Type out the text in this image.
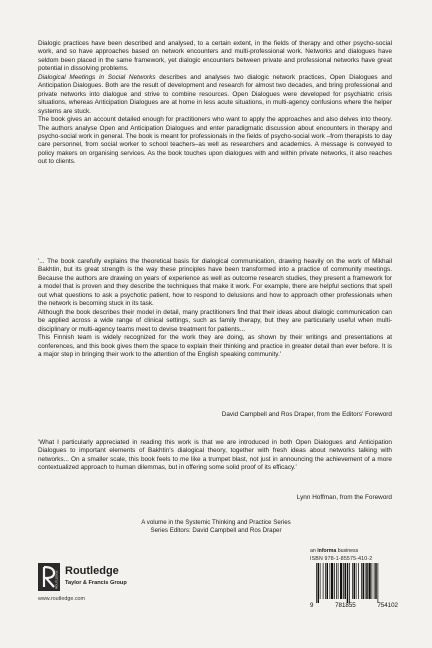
Dialogic practices have been described and analysed, to a certain extent, in the fields of therapy and other psycho-social work, and so have approaches based on network encounters and multi-professional work. Networks and dialogues have seldom been placed in the same framework, yet dialogic encounters between private and professional networks have great potential in dissolving problems.

Dialogical Meetings in Social Networks describes and analyses two dialogic network practices, Open Dialogues and Anticipation Dialogues. Both are the result of development and research for almost two decades, and bring professional and private networks into dialogue and strive to combine resources. Open Dialogues were developed for psychiatric crisis situations, whereas Anticipation Dialogues are at home in less acute situations, in multi-agency confusions where the helper systems are stuck.

The book gives an account detailed enough for practitioners who want to apply the approaches and also delves into theory. The authors analyse Open and Anticipation Dialogues and enter paradigmatic discussion about encounters in therapy and psycho-social work in general. The book is meant for professionals in the fields of psycho-social work –from therapists to day care personnel, from social worker to school teachers–as well as researchers and academics. A message is conveyed to policy makers on organising services. As the book touches upon dialogues with and within private networks, it also reaches out to clients.

'... The book carefully explains the theoretical basis for dialogical communication, drawing heavily on the work of Mikhail Bakhtin, but its great strength is the way these principles have been transformed into a practice of community meetings. Because the authors are drawing on years of experience as well as outcome research studies, they present a framework for a model that is proven and they describe the techniques that make it work. For example, there are helpful sections that spell out what questions to ask a psychotic patient, how to respond to delusions and how to approach other professionals when the network is becoming stuck in its task.

Although the book describes their model in detail, many practitioners find that their ideas about dialogic communication can be applied across a wide range of clinical settings, such as family therapy, but they are particularly useful when multi-disciplinary or multi-agency teams meet to devise treatment for patients...

This Finnish team is widely recognized for the work they are doing, as shown by their writings and presentations at conferences, and this book gives them the space to explain their thinking and practice in greater detail than ever before. It is a major step in bringing their work to the attention of the English speaking community.'

David Campbell and Ros Draper, from the Editors' Foreword
'What I particularly appreciated in reading this work is that we are introduced in both Open Dialogues and Anticipation Dialogues to important elements of Bakhtin's dialogical theory, together with fresh ideas about networks talking with networks... On a smaller scale, this book feels to me like a trumpet blast, not just in announcing the achievement of a more contextualized approach to human dilemmas, but in offering some solid proof of its efficacy.'
Lynn Hoffman, from the Foreword
A volume in the Systemic Thinking and Practice Series
Series Editors: David Campbell and Ros Draper
ROUTLEDGE Routledge
Taylor & Francis Group
www.routledge.com
an informa business
ISBN 978-1-85575-410-2
9	781855	754102
